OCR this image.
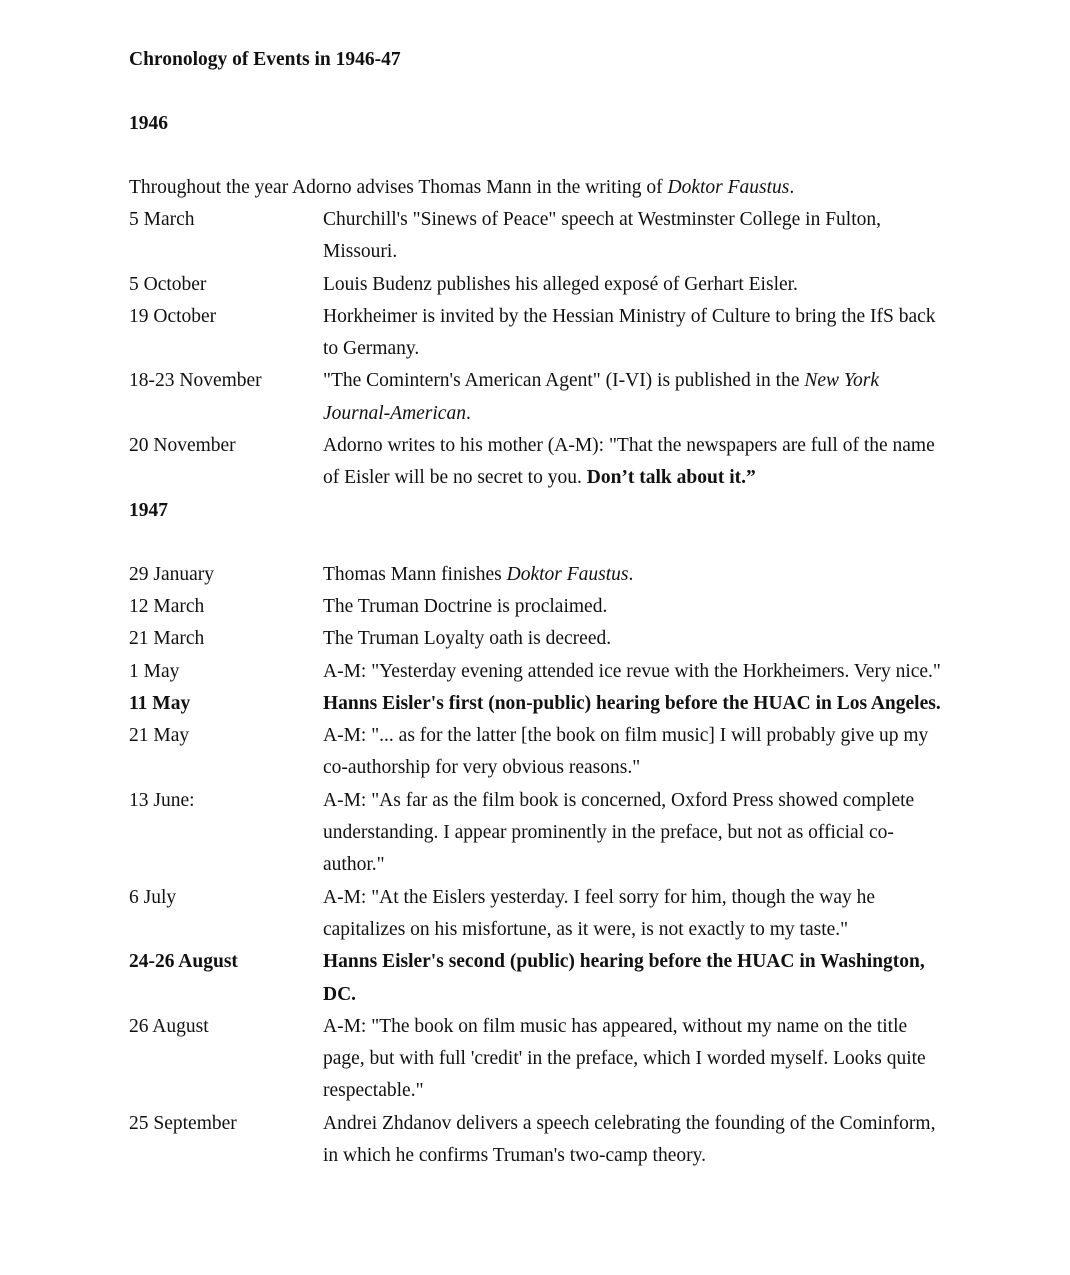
Chronology of Events in 1946-47

1946

Throughout the year Adorno advises Thomas Mann in the writing of Doktor Faustus.

5 March	Churchill's "Sinews of Peace" speech at Westminster College in Fulton, Missouri.
5 October	Louis Budenz publishes his alleged exposé of Gerhart Eisler.
19 October	Horkheimer is invited by the Hessian Ministry of Culture to bring the IfS back to Germany.
18-23 November	"The Comintern's American Agent" (I-VI) is published in the New York Journal-American.
20 November	Adorno writes to his mother (A-M): "That the newspapers are full of the name of Eisler will be no secret to you. Don’t talk about it.”

1947

29 January	Thomas Mann finishes Doktor Faustus.
12 March	The Truman Doctrine is proclaimed.
21 March	The Truman Loyalty oath is decreed.
1 May	A-M: "Yesterday evening attended ice revue with the Horkheimers. Very nice."
11 May	Hanns Eisler's first (non-public) hearing before the HUAC in Los Angeles.
21 May	A-M: "... as for the latter [the book on film music] I will probably give up my co-authorship for very obvious reasons."
13 June:	A-M: "As far as the film book is concerned, Oxford Press showed complete understanding. I appear prominently in the preface, but not as official co-author."
6 July	A-M: "At the Eislers yesterday. I feel sorry for him, though the way he capitalizes on his misfortune, as it were, is not exactly to my taste."
24-26 August	Hanns Eisler's second (public) hearing before the HUAC in Washington, DC.
26 August	A-M: "The book on film music has appeared, without my name on the title page, but with full 'credit' in the preface, which I worded myself. Looks quite respectable."
25 September	Andrei Zhdanov delivers a speech celebrating the founding of the Cominform, in which he confirms Truman's two-camp theory.
